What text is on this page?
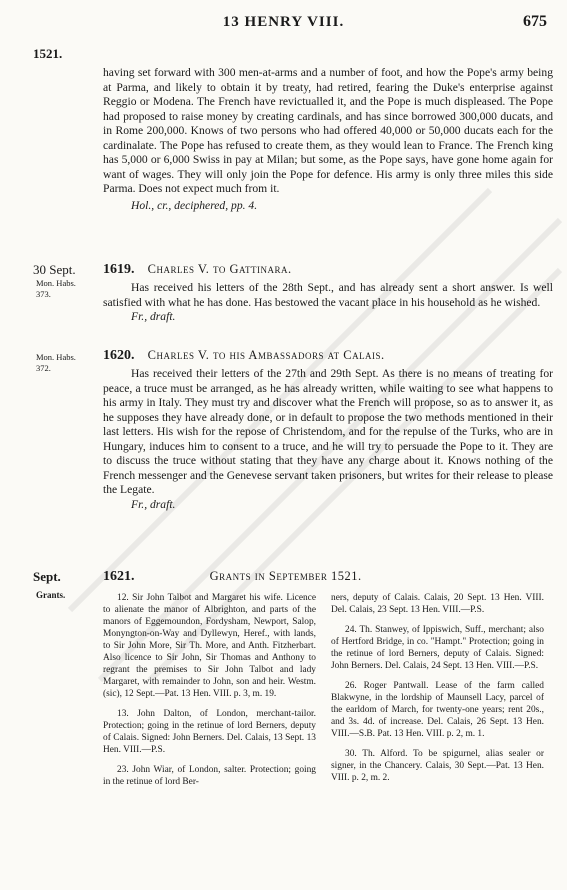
13 HENRY VIII.	675
1521.

having set forward with 300 men-at-arms and a number of foot, and how the Pope's army being at Parma, and likely to obtain it by treaty, had retired, fearing the Duke's enterprise against Reggio or Modena. The French have revictualled it, and the Pope is much displeased. The Pope had proposed to raise money by creating cardinals, and has since borrowed 300,000 ducats, and in Rome 200,000. Knows of two persons who had offered 40,000 or 50,000 ducats each for the cardinalate. The Pope has refused to create them, as they would lean to France. The French king has 5,000 or 6,000 Swiss in pay at Milan; but some, as the Pope says, have gone home again for want of wages. They will only join the Pope for defence. His army is only three miles this side Parma. Does not expect much from it.

Hol., cr., deciphered, pp. 4.
30 Sept.
Mon. Habs. 373.
1619. Charles V. to Gattinara.

Has received his letters of the 28th Sept., and has already sent a short answer. Is well satisfied with what he has done. Has bestowed the vacant place in his household as he wished.

Fr., draft.
Mon. Habs. 372.
1620. Charles V. to his Ambassadors at Calais.

Has received their letters of the 27th and 29th Sept. As there is no means of treating for peace, a truce must be arranged, as he has already written, while waiting to see what happens to his army in Italy. They must try and discover what the French will propose, so as to answer it, as he supposes they have already done, or in default to propose the two methods mentioned in their last letters. His wish for the repose of Christendom, and for the repulse of the Turks, who are in Hungary, induces him to consent to a truce, and he will try to persuade the Pope to it. They are to discuss the truce without stating that they have any charge about it. Knows nothing of the French messenger and the Genevese servant taken prisoners, but writes for their release to please the Legate.

Fr., draft.
Sept.
Grants.
1621.	Grants in September 1521.

12. Sir John Talbot and Margaret his wife. Licence to alienate the manor of Albrighton, and parts of the manors of Eggemoundon, Fordysham, Newport, Salop, Monyngton-on-Way and Dyllewyn, Heref., with lands, to Sir John More, Sir Th. More, and Anth. Fitzherbart. Also licence to Sir John, Sir Thomas and Anthony to regrant the premises to Sir John Talbot and lady Margaret, with remainder to John, son and heir. Westm. (sic), 12 Sept.—Pat. 13 Hen. VIII. p. 3, m. 19.

13. John Dalton, of London, merchant-tailor. Protection; going in the retinue of lord Berners, deputy of Calais. Signed: John Berners. Del. Calais, 13 Sept. 13 Hen. VIII.—P.S.

23. John Wiar, of London, salter. Protection; going in the retinue of lord Ber-

ners, deputy of Calais. Calais, 20 Sept. 13 Hen. VIII. Del. Calais, 23 Sept. 13 Hen. VIII.—P.S.

24. Th. Stanwey, of Ippiswich, Suff., merchant; also of Hertford Bridge, in co. "Hampt." Protection; going in the retinue of lord Berners, deputy of Calais. Signed: John Berners. Del. Calais, 24 Sept. 13 Hen. VIII.—P.S.

26. Roger Pantwall. Lease of the farm called Blakwyne, in the lordship of Maunsell Lacy, parcel of the earldom of March, for twenty-one years; rent 20s., and 3s. 4d. of increase. Del. Calais, 26 Sept. 13 Hen. VIII.—S.B. Pat. 13 Hen. VIII. p. 2, m. 1.

30. Th. Alford. To be spigurnel, alias sealer or signer, in the Chancery. Calais, 30 Sept.—Pat. 13 Hen. VIII. p. 2, m. 2.
